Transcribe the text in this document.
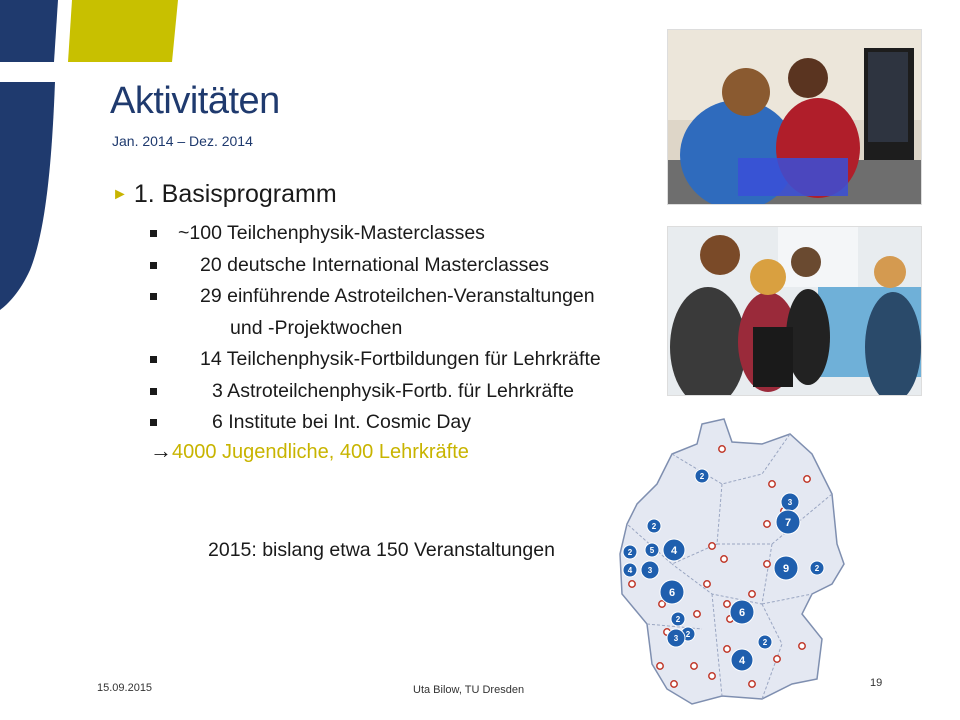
Aktivitäten
Jan. 2014 – Dez. 2014
► 1. Basisprogramm
~100 Teilchenphysik-Masterclasses
20 deutsche International Masterclasses
29 einführende Astroteilchen-Veranstaltungen
und -Projektwochen
14 Teilchenphysik-Fortbildungen für Lehrkräfte
3 Astroteilchenphysik-Fortb. für Lehrkräfte
6 Institute bei Int. Cosmic Day
→4000 Jugendliche, 400 Lehrkräfte
2015: bislang etwa 150 Veranstaltungen
2
3
7
2
5 4
2
4 3	9	2
6
6
2
2
3	2
4
15.09.2015	Uta Bilow, TU Dresden
19
